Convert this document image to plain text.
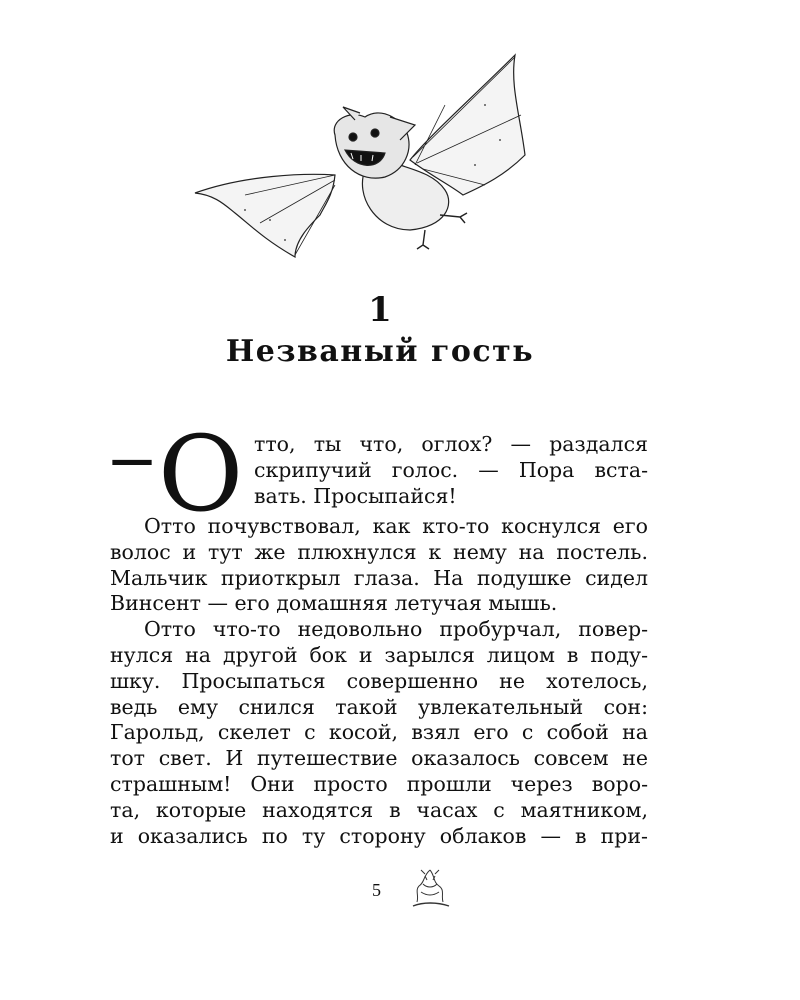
1
Незваный гость
— О тто, ты что, оглох? — раздался
скрипучий голос. — Пора вста-
вать. Просыпайся!
Отто почувствовал, как кто-то коснулся его
волос и тут же плюхнулся к нему на постель.
Мальчик приоткрыл глаза. На подушке сидел
Винсент — его домашняя летучая мышь.
Отто что-то недовольно пробурчал, повер-
нулся на другой бок и зарылся лицом в поду-
шку. Просыпаться совершенно не хотелось,
ведь ему снился такой увлекательный сон:
Гарольд, скелет с косой, взял его с собой на
тот свет. И путешествие оказалось совсем не
страшным! Они просто прошли через воро-
та, которые находятся в часах с маятником,
и оказались по ту сторону облаков — в при-
5
